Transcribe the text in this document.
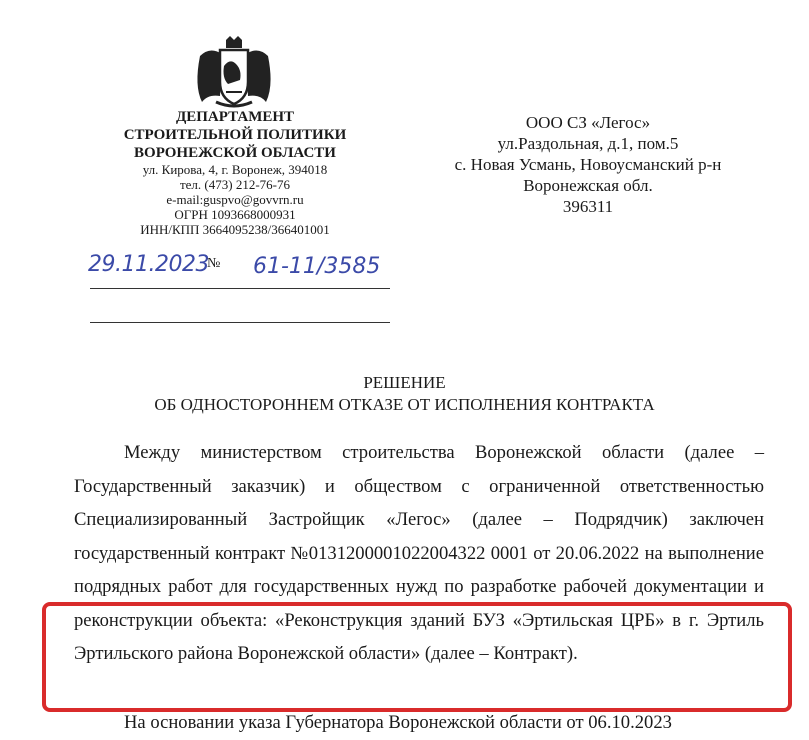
ДЕПАРТАМЕНТ
СТРОИТЕЛЬНОЙ ПОЛИТИКИ
ВОРОНЕЖСКОЙ ОБЛАСТИ
ул. Кирова, 4, г. Воронеж, 394018
тел. (473) 212-76-76
e-mail:guspvo@govvrn.ru
ОГРН 1093668000931
ИНН/КПП 3664095238/366401001
29.11.2023
№ 61-11/3585
ООО СЗ «Легос»
ул.Раздольная, д.1, пом.5
с. Новая Усмань, Новоусманский р-н
Воронежская обл.
396311
РЕШЕНИЕ
ОБ ОДНОСТОРОННЕМ ОТКАЗЕ ОТ ИСПОЛНЕНИЯ КОНТРАКТА
Между министерством строительства Воронежской области (далее – Государственный заказчик) и обществом с ограниченной ответственностью Специализированный Застройщик «Легос» (далее – Подрядчик) заключен государственный контракт №0131200001022004322 0001 от 20.06.2022 на выполнение подрядных работ для государственных нужд по разработке рабочей документации и реконструкции объекта: «Реконструкция зданий БУЗ «Эртильская ЦРБ» в г. Эртиль Эртильского района Воронежской области» (далее – Контракт).
На основании указа Губернатора Воронежской области от 06.10.2023
